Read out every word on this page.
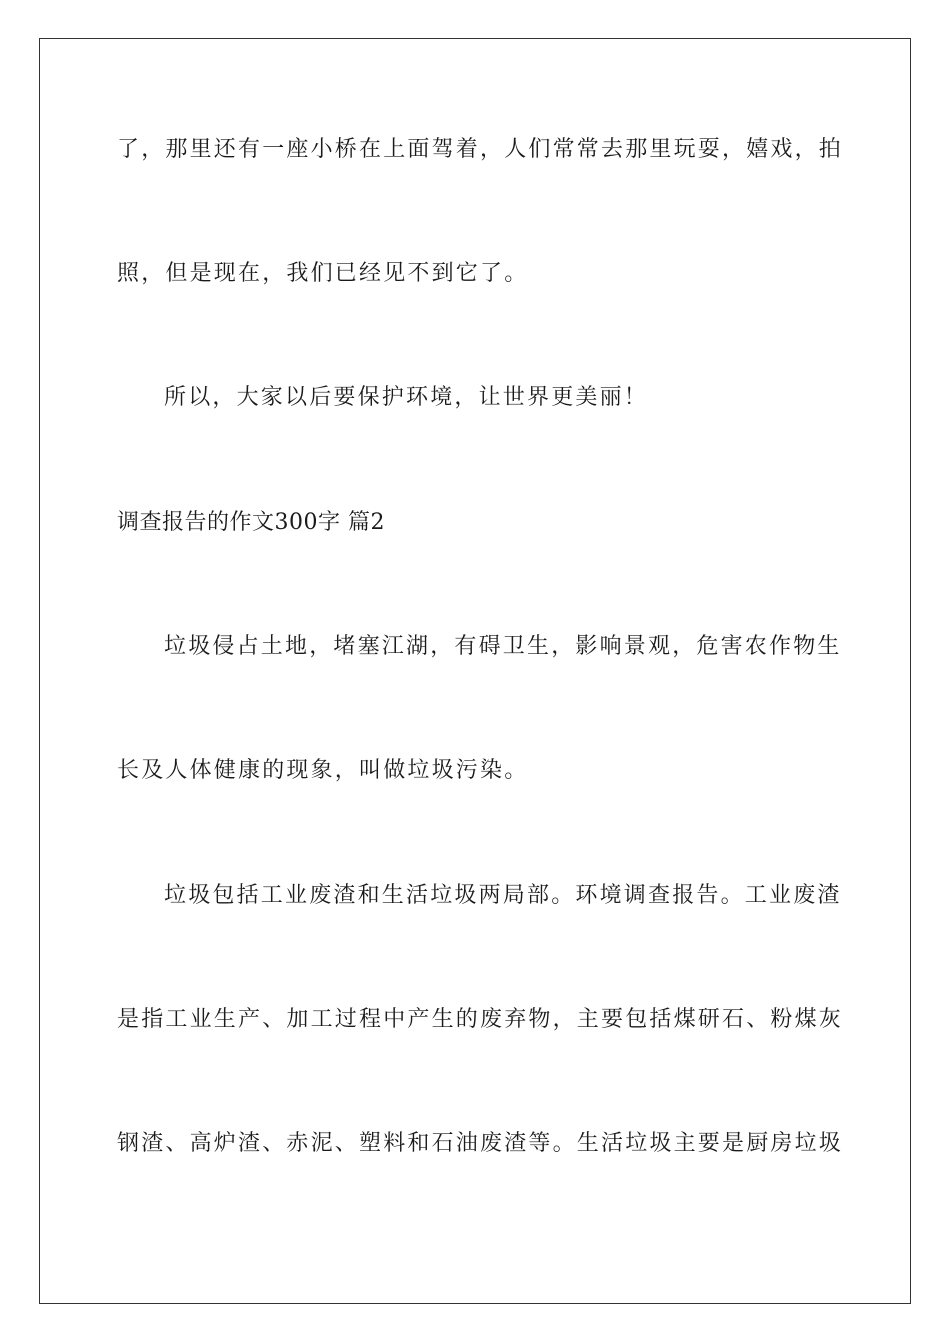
了，那里还有一座小桥在上面驾着，人们常常去那里玩耍，嬉戏，拍
照，但是现在，我们已经见不到它了。
所以，大家以后要保护环境，让世界更美丽！
调查报告的作文300字 篇2
垃圾侵占土地，堵塞江湖，有碍卫生，影响景观，危害农作物生
长及人体健康的现象，叫做垃圾污染。
垃圾包括工业废渣和生活垃圾两局部。环境调查报告。工业废渣
是指工业生产、加工过程中产生的废弃物，主要包括煤研石、粉煤灰
钢渣、高炉渣、赤泥、塑料和石油废渣等。生活垃圾主要是厨房垃圾
